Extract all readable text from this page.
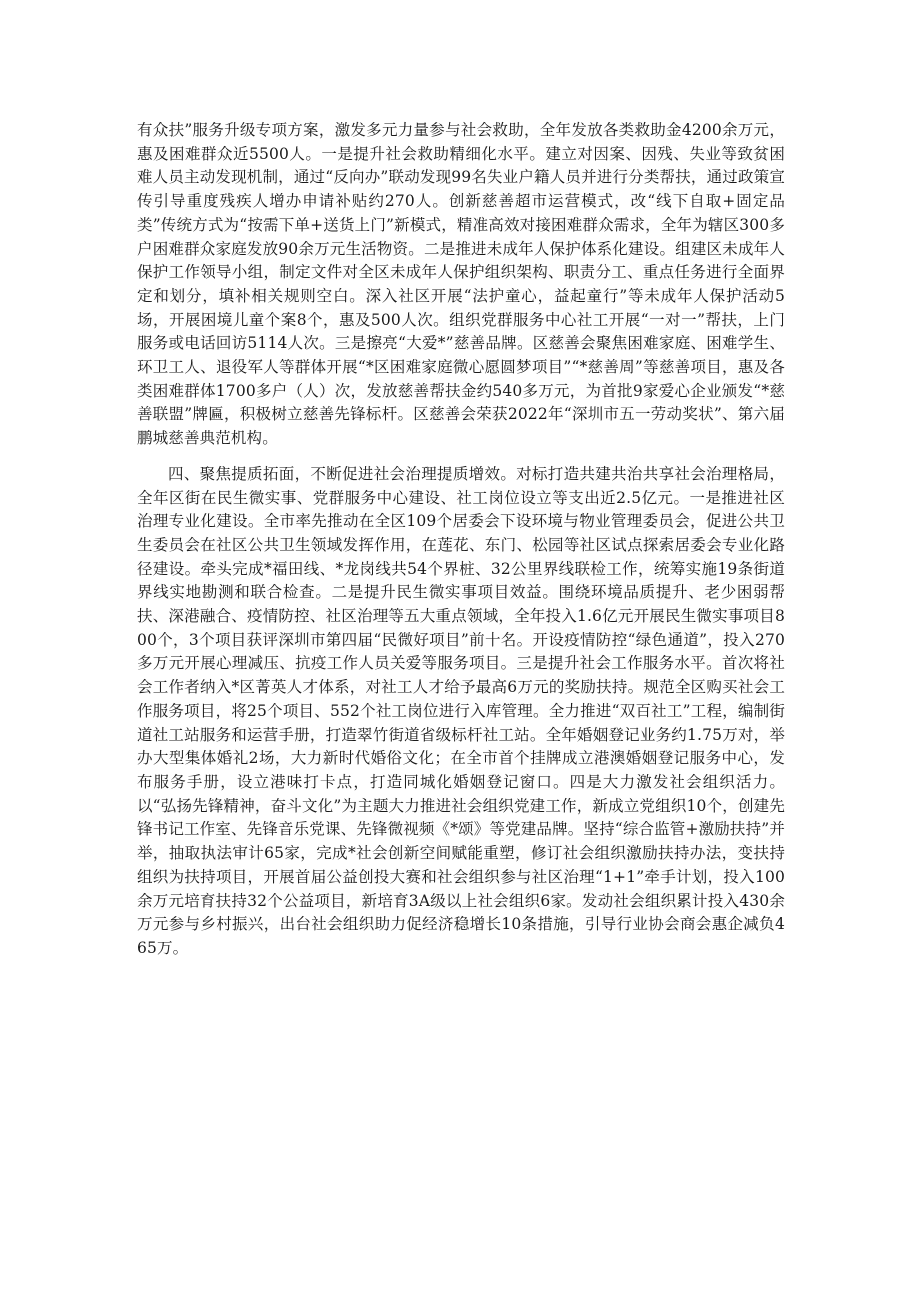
有众扶”服务升级专项方案，激发多元力量参与社会救助，全年发放各类救助金4200余万元，惠及困难群众近5500人。一是提升社会救助精细化水平。建立对因案、因残、失业等致贫困难人员主动发现机制，通过“反向办”联动发现99名失业户籍人员并进行分类帮扶，通过政策宣传引导重度残疾人增办申请补贴约270人。创新慈善超市运营模式，改“线下自取+固定品类”传统方式为“按需下单+送货上门”新模式，精准高效对接困难群众需求，全年为辖区300多户困难群众家庭发放90余万元生活物资。二是推进未成年人保护体系化建设。组建区未成年人保护工作领导小组，制定文件对全区未成年人保护组织架构、职责分工、重点任务进行全面界定和划分，填补相关规则空白。深入社区开展“法护童心，益起童行”等未成年人保护活动5场，开展困境儿童个案8个，惠及500人次。组织党群服务中心社工开展“一对一”帮扶，上门服务或电话回访5114人次。三是擦亮“大爱*”慈善品牌。区慈善会聚焦困难家庭、困难学生、环卫工人、退役军人等群体开展“*区困难家庭微心愿圆梦项目”“*慈善周”等慈善项目，惠及各类困难群体1700多户（人）次，发放慈善帮扶金约540多万元，为首批9家爱心企业颁发“*慈善联盟”牌匾，积极树立慈善先锋标杆。区慈善会荣获2022年“深圳市五一劳动奖状”、第六届鹏城慈善典范机构。

四、聚焦提质拓面，不断促进社会治理提质增效。对标打造共建共治共享社会治理格局，全年区街在民生微实事、党群服务中心建设、社工岗位设立等支出近2.5亿元。一是推进社区治理专业化建设。全市率先推动在全区109个居委会下设环境与物业管理委员会，促进公共卫生委员会在社区公共卫生领域发挥作用，在莲花、东门、松园等社区试点探索居委会专业化路径建设。牵头完成*福田线、*龙岗线共54个界桩、32公里界线联检工作，统筹实施19条街道界线实地勘测和联合检查。二是提升民生微实事项目效益。围绕环境品质提升、老少困弱帮扶、深港融合、疫情防控、社区治理等五大重点领域，全年投入1.6亿元开展民生微实事项目800个，3个项目获评深圳市第四届“民微好项目”前十名。开设疫情防控“绿色通道”，投入270多万元开展心理减压、抗疫工作人员关爱等服务项目。三是提升社会工作服务水平。首次将社会工作者纳入*区菁英人才体系，对社工人才给予最高6万元的奖励扶持。规范全区购买社会工作服务项目，将25个项目、552个社工岗位进行入库管理。全力推进“双百社工”工程，编制街道社工站服务和运营手册，打造翠竹街道省级标杆社工站。全年婚姻登记业务约1.75万对，举办大型集体婚礼2场，大力新时代婚俗文化；在全市首个挂牌成立港澳婚姻登记服务中心，发布服务手册，设立港味打卡点，打造同城化婚姻登记窗口。四是大力激发社会组织活力。以“弘扬先锋精神，奋斗文化”为主题大力推进社会组织党建工作，新成立党组织10个，创建先锋书记工作室、先锋音乐党课、先锋微视频《*颂》等党建品牌。坚持“综合监管+激励扶持”并举，抽取执法审计65家，完成*社会创新空间赋能重塑，修订社会组织激励扶持办法，变扶持组织为扶持项目，开展首届公益创投大赛和社会组织参与社区治理“1+1”牵手计划，投入100余万元培育扶持32个公益项目，新培育3A级以上社会组织6家。发动社会组织累计投入430余万元参与乡村振兴，出台社会组织助力促经济稳增长10条措施，引导行业协会商会惠企减负465万。
